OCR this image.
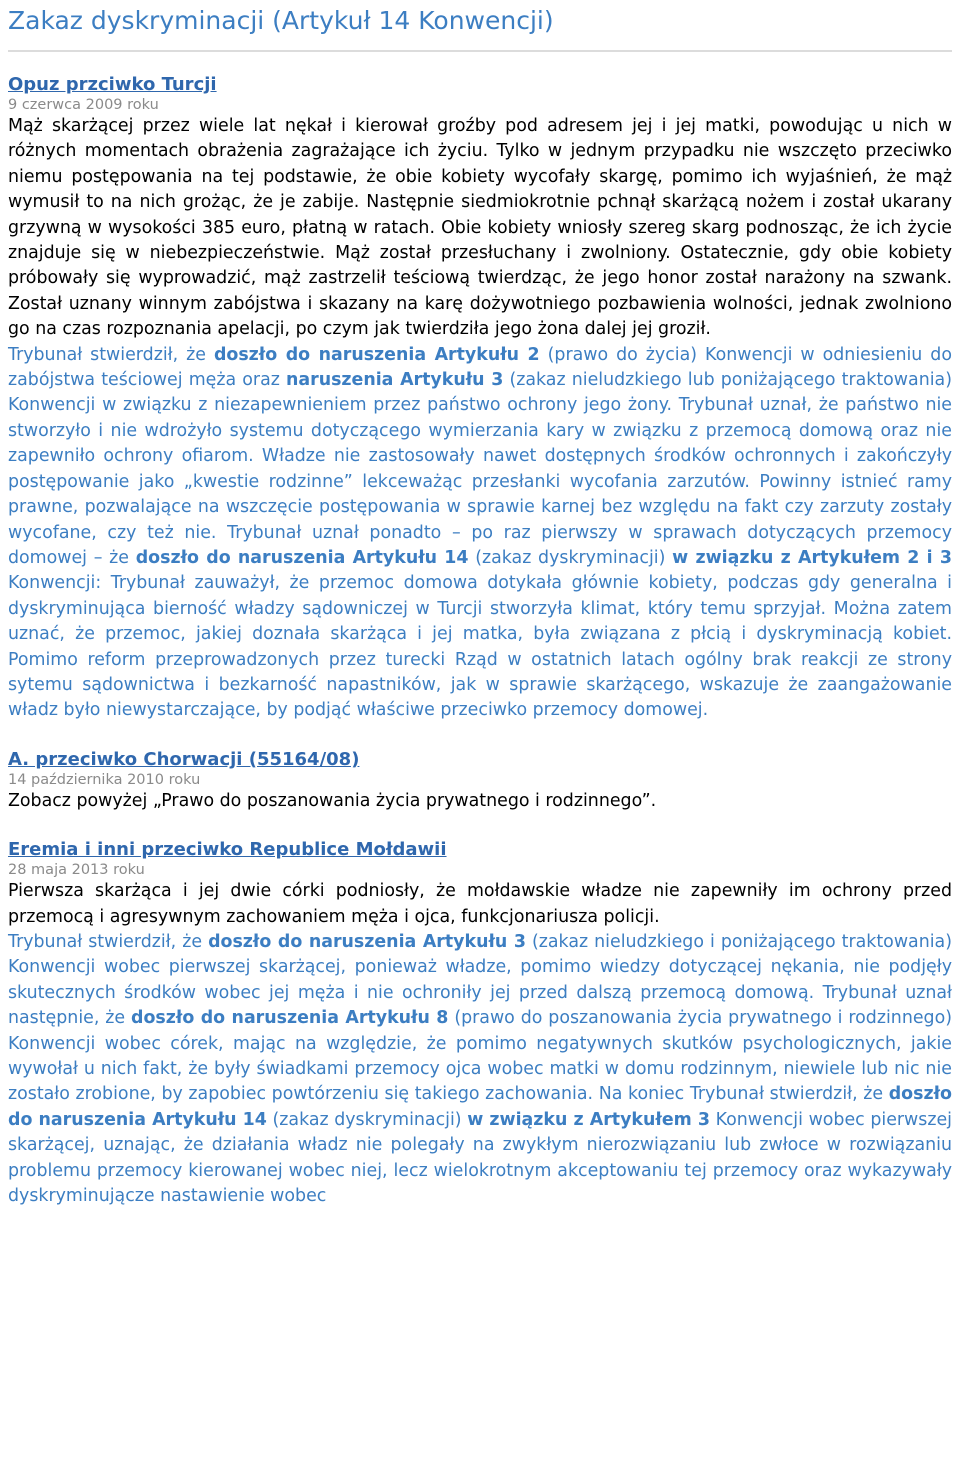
Zakaz dyskryminacji (Artykuł 14 Konwencji)
Opuz przciwko Turcji
9 czerwca 2009 roku

Mąż skarżącej przez wiele lat nękał i kierował groźby pod adresem jej i jej matki, powodując u nich w różnych momentach obrażenia zagrażające ich życiu. Tylko w jednym przypadku nie wszczęto przeciwko niemu postępowania na tej podstawie, że obie kobiety wycofały skargę, pomimo ich wyjaśnień, że mąż wymusił to na nich grożąc, że je zabije. Następnie siedmiokrotnie pchnął skarżącą nożem i został ukarany grzywną w wysokości 385 euro, płatną w ratach. Obie kobiety wniosły szereg skarg podnosząc, że ich życie znajduje się w niebezpieczeństwie. Mąż został przesłuchany i zwolniony. Ostatecznie, gdy obie kobiety próbowały się wyprowadzić, mąż zastrzelił teściową twierdząc, że jego honor został narażony na szwank. Został uznany winnym zabójstwa i skazany na karę dożywotniego pozbawienia wolności, jednak zwolniono go na czas rozpoznania apelacji, po czym jak twierdziła jego żona dalej jej groził.

Trybunał stwierdził, że doszło do naruszenia Artykułu 2 (prawo do życia) Konwencji w odniesieniu do zabójstwa teściowej męża oraz naruszenia Artykułu 3 (zakaz nieludzkiego lub poniżającego traktowania) Konwencji w związku z niezapewnieniem przez państwo ochrony jego żony. Trybunał uznał, że państwo nie stworzyło i nie wdrożyło systemu dotyczącego wymierzania kary w związku z przemocą domową oraz nie zapewniło ochrony ofiarom. Władze nie zastosowały nawet dostępnych środków ochronnych i zakończyły postępowanie jako „kwestie rodzinne” lekceważąc przesłanki wycofania zarzutów. Powinny istnieć ramy prawne, pozwalające na wszczęcie postępowania w sprawie karnej bez względu na fakt czy zarzuty zostały wycofane, czy też nie. Trybunał uznał ponadto – po raz pierwszy w sprawach dotyczących przemocy domowej – że doszło do naruszenia Artykułu 14 (zakaz dyskryminacji) w związku z Artykułem 2 i 3 Konwencji: Trybunał zauważył, że przemoc domowa dotykała głównie kobiety, podczas gdy generalna i dyskryminująca bierność władzy sądowniczej w Turcji stworzyła klimat, który temu sprzyjał. Można zatem uznać, że przemoc, jakiej doznała skarżąca i jej matka, była związana z płcią i dyskryminacją kobiet. Pomimo reform przeprowadzonych przez turecki Rząd w ostatnich latach ogólny brak reakcji ze strony sytemu sądownictwa i bezkarność napastników, jak w sprawie skarżącego, wskazuje że zaangażowanie władz było niewystarczające, by podjąć właściwe przeciwko przemocy domowej.

A. przeciwko Chorwacji (55164/08)
14 października 2010 roku

Zobacz powyżej „Prawo do poszanowania życia prywatnego i rodzinnego”.

Eremia i inni przeciwko Republice Mołdawii
28 maja 2013 roku

Pierwsza skarżąca i jej dwie córki podniosły, że mołdawskie władze nie zapewniły im ochrony przed przemocą i agresywnym zachowaniem męża i ojca, funkcjonariusza policji.

Trybunał stwierdził, że doszło do naruszenia Artykułu 3 (zakaz nieludzkiego i poniżającego traktowania) Konwencji wobec pierwszej skarżącej, ponieważ władze, pomimo wiedzy dotyczącej nękania, nie podjęły skutecznych środków wobec jej męża i nie ochroniły jej przed dalszą przemocą domową. Trybunał uznał następnie, że doszło do naruszenia Artykułu 8 (prawo do poszanowania życia prywatnego i rodzinnego) Konwencji wobec córek, mając na względzie, że pomimo negatywnych skutków psychologicznych, jakie wywołał u nich fakt, że były świadkami przemocy ojca wobec matki w domu rodzinnym, niewiele lub nic nie zostało zrobione, by zapobiec powtórzeniu się takiego zachowania. Na koniec Trybunał stwierdził, że doszło do naruszenia Artykułu 14 (zakaz dyskryminacji) w związku z Artykułem 3 Konwencji wobec pierwszej skarżącej, uznając, że działania władz nie polegały na zwykłym nierozwiązaniu lub zwłoce w rozwiązaniu problemu przemocy kierowanej wobec niej, lecz wielokrotnym akceptowaniu tej przemocy oraz wykazywały dyskryminującze nastawienie wobec
